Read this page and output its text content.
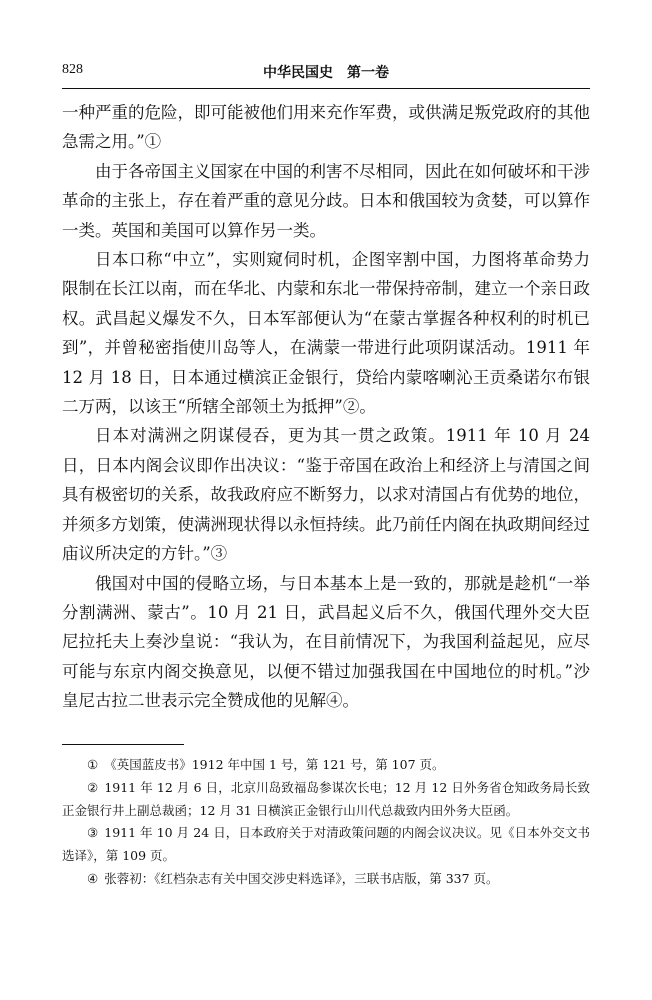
828	中华民国史　第一卷

一种严重的危险，即可能被他们用来充作军费，或供满足叛党政府的其他急需之用。”①

由于各帝国主义国家在中国的利害不尽相同，因此在如何破坏和干涉革命的主张上，存在着严重的意见分歧。日本和俄国较为贪婪，可以算作一类。英国和美国可以算作另一类。

日本口称“中立”，实则窥伺时机，企图宰割中国，力图将革命势力限制在长江以南，而在华北、内蒙和东北一带保持帝制，建立一个亲日政权。武昌起义爆发不久，日本军部便认为“在蒙古掌握各种权利的时机已到”，并曾秘密指使川岛等人，在满蒙一带进行此项阴谋活动。1911 年 12 月 18 日，日本通过横滨正金银行，贷给内蒙喀喇沁王贡桑诺尔布银二万两，以该王“所辖全部领土为抵押”②。

日本对满洲之阴谋侵吞，更为其一贯之政策。1911 年 10 月 24 日，日本内阁会议即作出决议：“鉴于帝国在政治上和经济上与清国之间具有极密切的关系，故我政府应不断努力，以求对清国占有优势的地位，并须多方划策，使满洲现状得以永恒持续。此乃前任内阁在执政期间经过庙议所决定的方针。”③

俄国对中国的侵略立场，与日本基本上是一致的，那就是趁机“一举分割满洲、蒙古”。10 月 21 日，武昌起义后不久，俄国代理外交大臣尼拉托夫上奏沙皇说：“我认为，在目前情况下，为我国利益起见，应尽可能与东京内阁交换意见，以便不错过加强我国在中国地位的时机。”沙皇尼古拉二世表示完全赞成他的见解④。

① 《英国蓝皮书》1912 年中国 1 号，第 121 号，第 107 页。

② 1911 年 12 月 6 日，北京川岛致福岛参谋次长电；12 月 12 日外务省仓知政务局长致正金银行井上副总裁函；12 月 31 日横滨正金银行山川代总裁致内田外务大臣函。

③ 1911 年 10 月 24 日，日本政府关于对清政策问题的内阁会议决议。见《日本外交文书选译》，第 109 页。

④ 张蓉初：《红档杂志有关中国交涉史料选译》，三联书店版，第 337 页。
